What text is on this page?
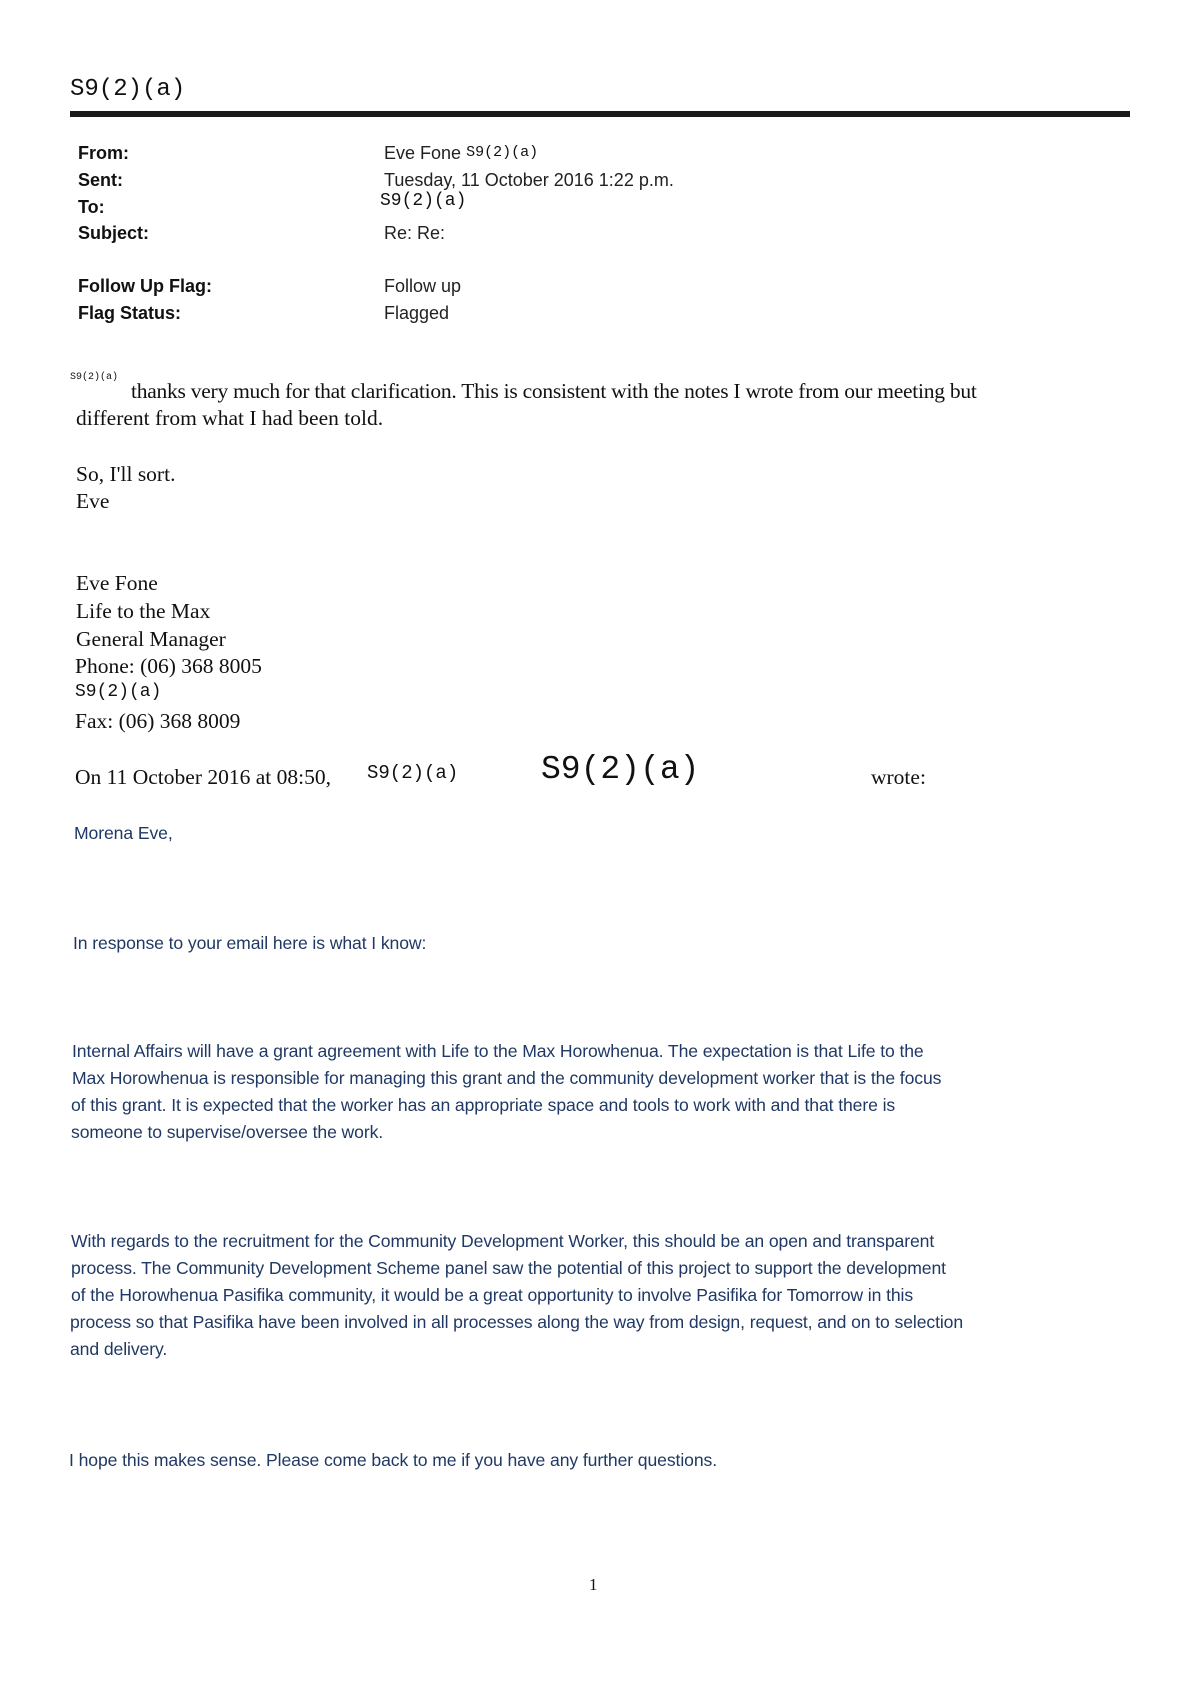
S9(2)(a)
From:	Eve Fone S9(2)(a)
Sent:	Tuesday, 11 October 2016 1:22 p.m.
To:	S9(2)(a)
Subject:	Re: Re:
Follow Up Flag:	Follow up
Flag Status:	Flagged
S9(2)(a)
thanks very much for that clarification. This is consistent with the notes I wrote from our meeting but
different from what I had been told.
So, I'll sort.
Eve
Eve Fone
Life to the Max
General Manager
Phone: (06) 368 8005
S9(2)(a)
Fax: (06) 368 8009
On 11 October 2016 at 08:50, S9(2)(a)	S9(2)(a)	wrote:
Morena Eve,
In response to your email here is what I know:
Internal Affairs will have a grant agreement with Life to the Max Horowhenua. The expectation is that Life to the
Max Horowhenua is responsible for managing this grant and the community development worker that is the focus
of this grant. It is expected that the worker has an appropriate space and tools to work with and that there is
someone to supervise/oversee the work.
With regards to the recruitment for the Community Development Worker, this should be an open and transparent
process. The Community Development Scheme panel saw the potential of this project to support the development
of the Horowhenua Pasifika community, it would be a great opportunity to involve Pasifika for Tomorrow in this
process so that Pasifika have been involved in all processes along the way from design, request, and on to selection
and delivery.
I hope this makes sense. Please come back to me if you have any further questions.
1
